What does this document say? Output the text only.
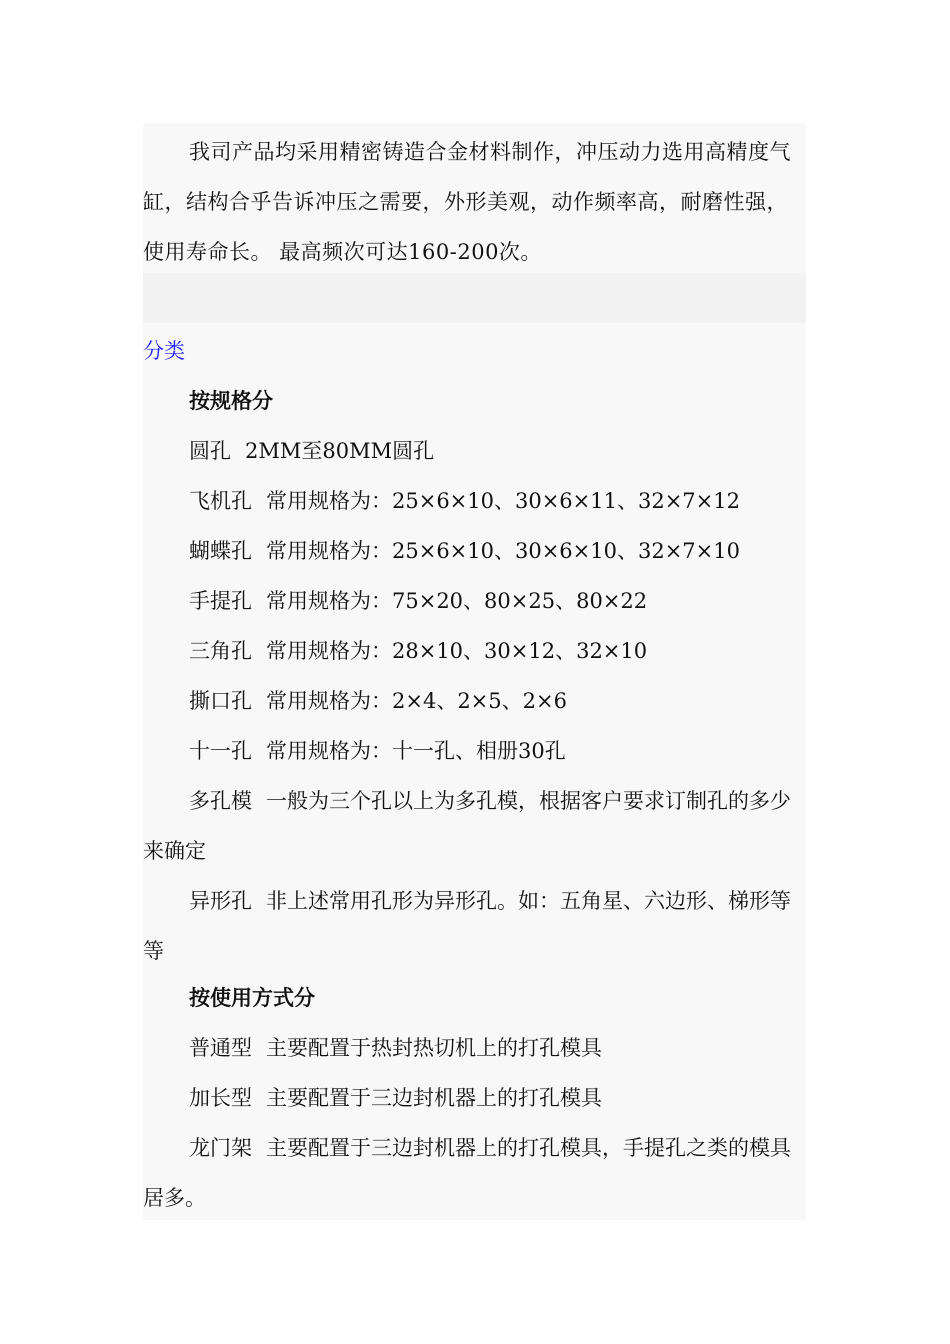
我司产品均采用精密铸造合金材料制作，冲压动力选用高精度气缸，结构合乎告诉冲压之需要，外形美观，动作频率高，耐磨性强，使用寿命长。 最高频次可达160-200次。

分类
按规格分
圆孔 2MM至80MM圆孔
飞机孔 常用规格为：25×6×10、30×6×11、32×7×12
蝴蝶孔 常用规格为：25×6×10、30×6×10、32×7×10
手提孔 常用规格为：75×20、80×25、80×22
三角孔 常用规格为：28×10、30×12、32×10
撕口孔 常用规格为：2×4、2×5、2×6
十一孔 常用规格为：十一孔、相册30孔
多孔模 一般为三个孔以上为多孔模，根据客户要求订制孔的多少来确定
异形孔 非上述常用孔形为异形孔。如：五角星、六边形、梯形等等
按使用方式分
普通型 主要配置于热封热切机上的打孔模具
加长型 主要配置于三边封机器上的打孔模具
龙门架 主要配置于三边封机器上的打孔模具，手提孔之类的模具居多。
